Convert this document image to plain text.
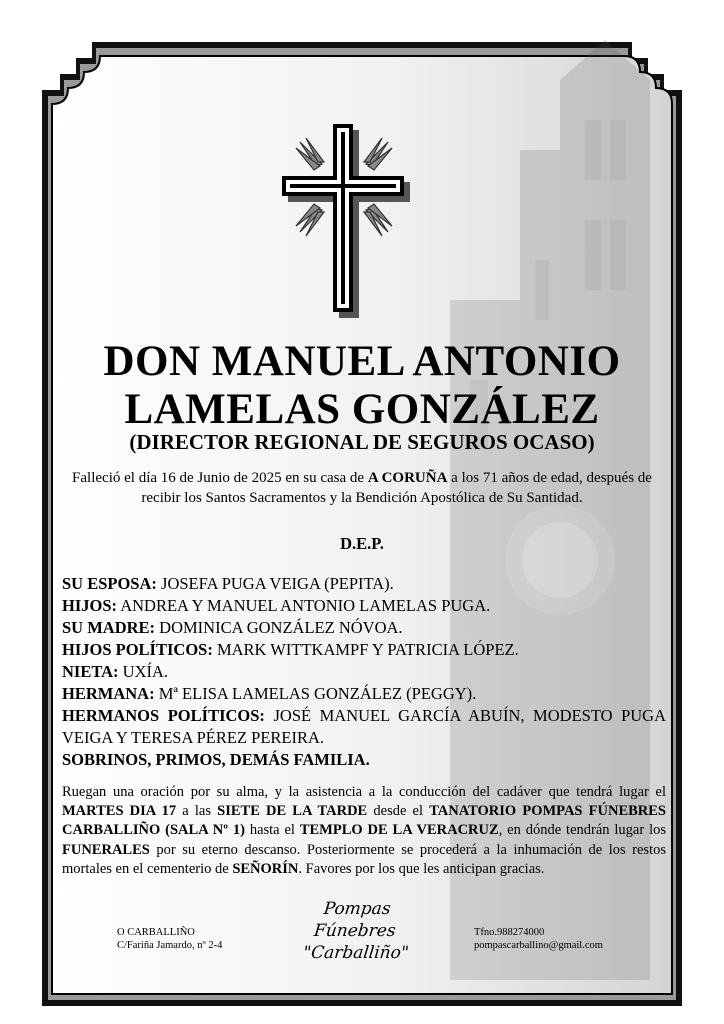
DON MANUEL ANTONIO
LAMELAS GONZÁLEZ
(DIRECTOR REGIONAL DE SEGUROS OCASO)
Falleció el día 16 de Junio de 2025 en su casa de A CORUÑA a los 71 años de edad, después de recibir los Santos Sacramentos y la Bendición Apostólica de Su Santidad.
D.E.P.
SU ESPOSA: JOSEFA PUGA VEIGA (PEPITA).
HIJOS: ANDREA Y MANUEL ANTONIO LAMELAS PUGA.
SU MADRE: DOMINICA GONZÁLEZ NÓVOA.
HIJOS POLÍTICOS: MARK WITTKAMPF Y PATRICIA LÓPEZ.
NIETA: UXÍA.
HERMANA: Mª ELISA LAMELAS GONZÁLEZ (PEGGY).
HERMANOS POLÍTICOS: JOSÉ MANUEL GARCÍA ABUÍN, MODESTO PUGA VEIGA Y TERESA PÉREZ PEREIRA.
SOBRINOS, PRIMOS, DEMÁS FAMILIA.
Ruegan una oración por su alma, y la asistencia a la conducción del cadáver que tendrá lugar el MARTES DIA 17 a las SIETE DE LA TARDE desde el TANATORIO POMPAS FÚNEBRES CARBALLIÑO (SALA Nº 1) hasta el TEMPLO DE LA VERACRUZ, en dónde tendrán lugar los FUNERALES por su eterno descanso. Posteriormente se procederá a la inhumación de los restos mortales en el cementerio de SEÑORÍN. Favores por los que les anticipan gracias.
O CARBALLIÑO
C/Fariña Jamardo, nº 2-4
Pompas Fúnebres
"Carballiño"
Tfno.988274000
pompascarballino@gmail.com
